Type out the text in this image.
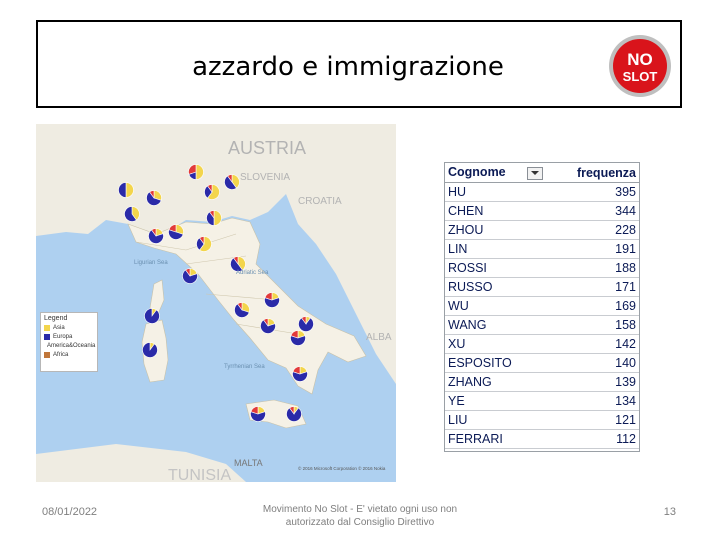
azzardo e immigrazione	NO
SLOT
AUSTRIA
SLOVENIA
CROATIA
Adriatic Sea
Ligurian Sea
Tyrrhenian Sea
MALTA
TUNISIA
ALBA
© 2016 Microsoft Corporation © 2016 Nokia
Legend
Asia
Europa
America&Oceania
Africa
Cognome	frequenza
HU	395
CHEN	344
ZHOU	228
LIN	191
ROSSI	188
RUSSO	171
WU	169
WANG	158
XU	142
ESPOSITO	140
ZHANG	139
YE	134
LIU	121
FERRARI	112
08/01/2022	Movimento No Slot - E' vietato ogni uso non
autorizzato dal Consiglio Direttivo
13
